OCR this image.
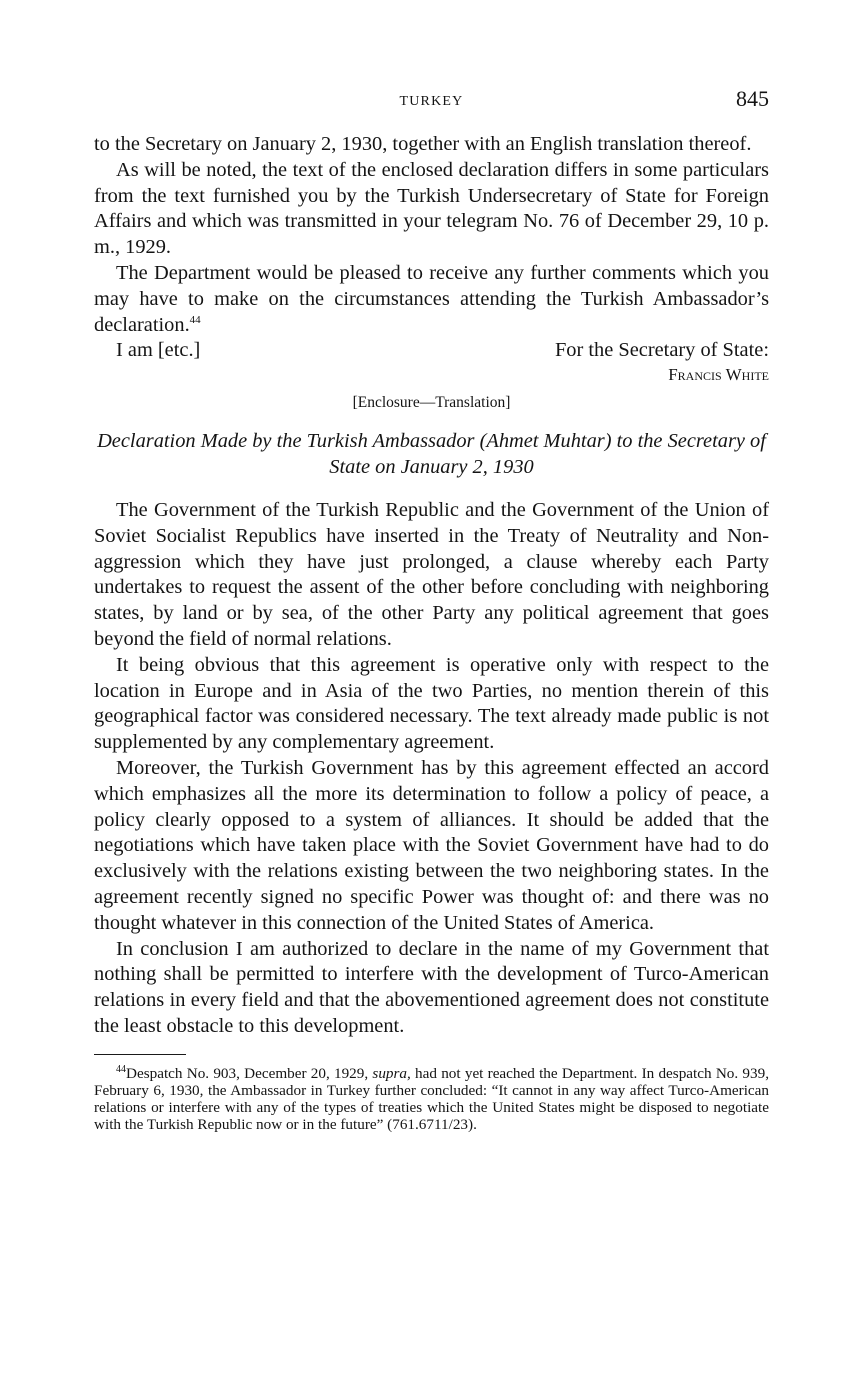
TURKEY	845

to the Secretary on January 2, 1930, together with an English translation thereof.

As will be noted, the text of the enclosed declaration differs in some particulars from the text furnished you by the Turkish Undersecretary of State for Foreign Affairs and which was transmitted in your telegram No. 76 of December 29, 10 p. m., 1929.

The Department would be pleased to receive any further comments which you may have to make on the circumstances attending the Turkish Ambassador’s declaration.$^{44}$

I am [etc.]	For the Secretary of State:
Francis White
[Enclosure—Translation]
Declaration Made by the Turkish Ambassador (Ahmet Muhtar) to the Secretary of State on January 2, 1930

The Government of the Turkish Republic and the Government of the Union of Soviet Socialist Republics have inserted in the Treaty of Neutrality and Non-aggression which they have just prolonged, a clause whereby each Party undertakes to request the assent of the other before concluding with neighboring states, by land or by sea, of the other Party any political agreement that goes beyond the field of normal relations.

It being obvious that this agreement is operative only with respect to the location in Europe and in Asia of the two Parties, no mention therein of this geographical factor was considered necessary. The text already made public is not supplemented by any complementary agreement.

Moreover, the Turkish Government has by this agreement effected an accord which emphasizes all the more its determination to follow a policy of peace, a policy clearly opposed to a system of alliances. It should be added that the negotiations which have taken place with the Soviet Government have had to do exclusively with the relations existing between the two neighboring states. In the agreement recently signed no specific Power was thought of: and there was no thought whatever in this connection of the United States of America.

In conclusion I am authorized to declare in the name of my Government that nothing shall be permitted to interfere with the development of Turco-American relations in every field and that the abovementioned agreement does not constitute the least obstacle to this development.

$^{44}$Despatch No. 903, December 20, 1929, supra, had not yet reached the Department. In despatch No. 939, February 6, 1930, the Ambassador in Turkey further concluded: “It cannot in any way affect Turco-American relations or interfere with any of the types of treaties which the United States might be disposed to negotiate with the Turkish Republic now or in the future” (761.6711/23).
